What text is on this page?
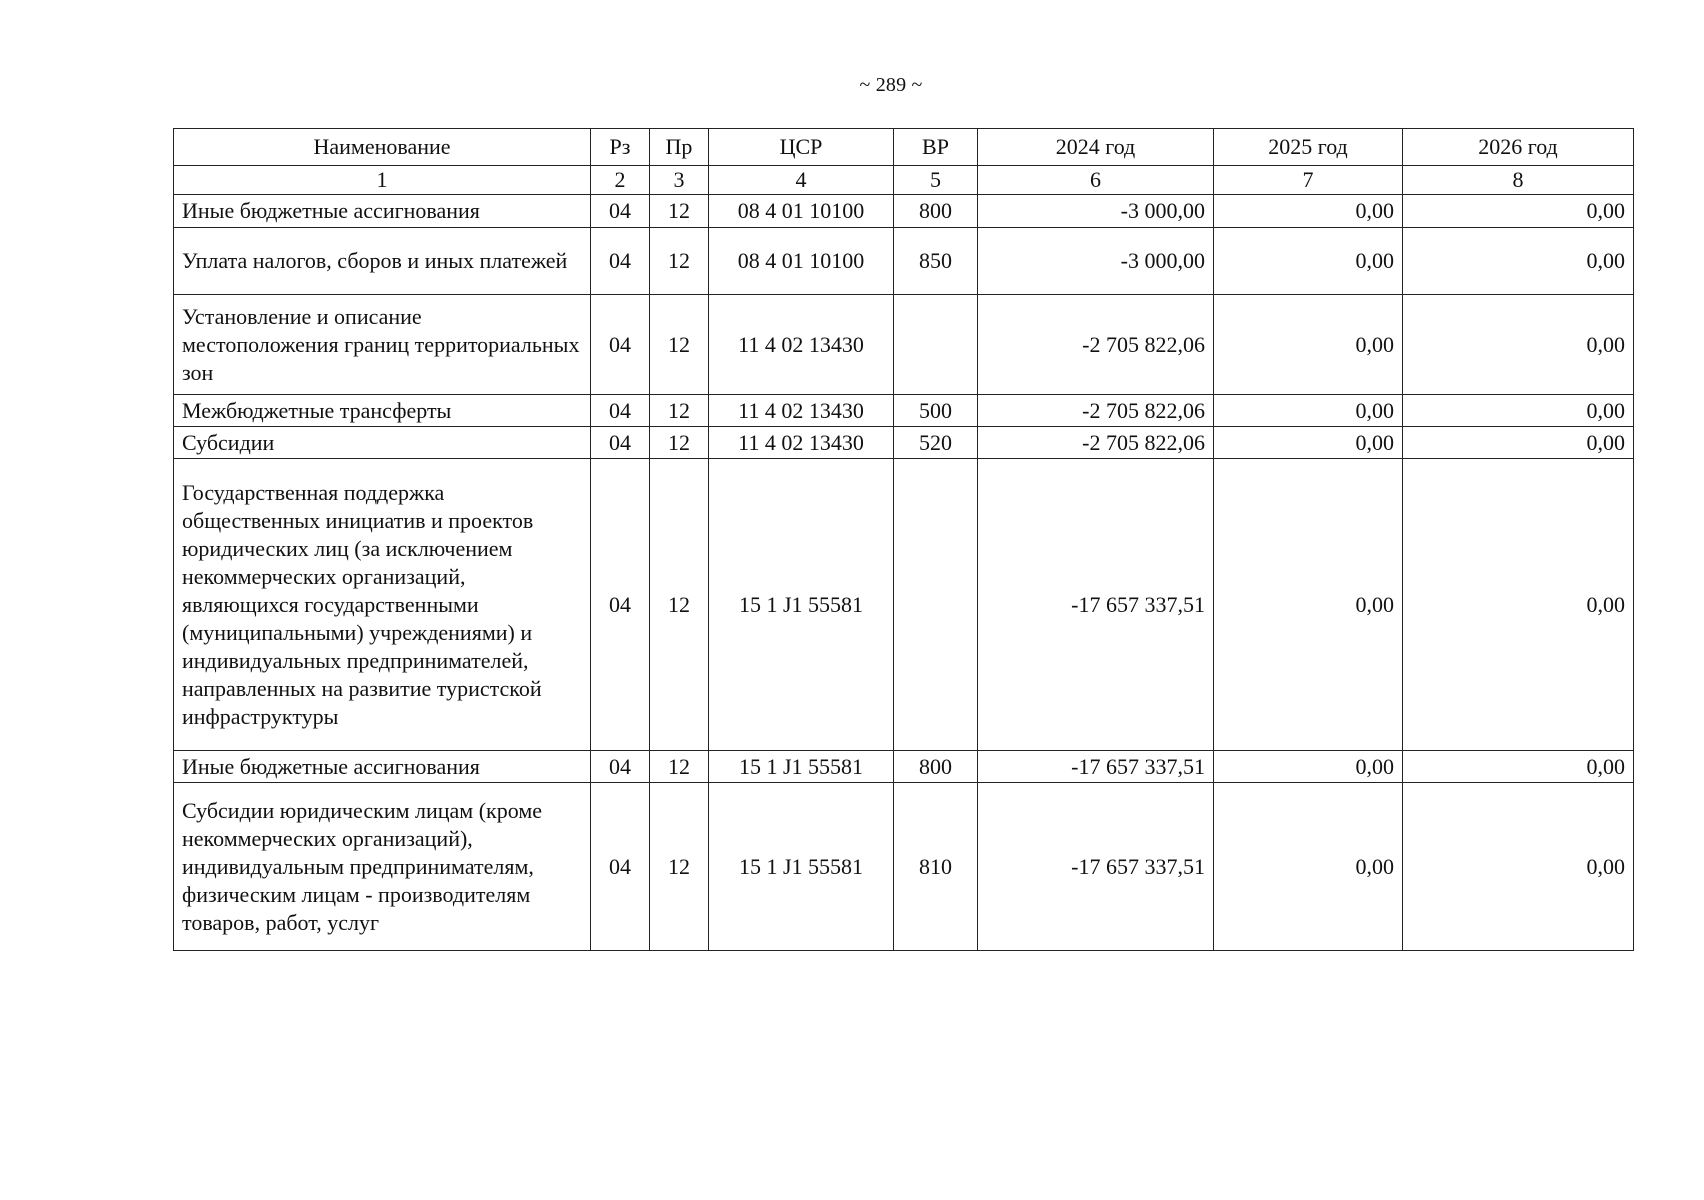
~ 289 ~
Наименование	Рз	Пр	ЦСР	ВР	2024 год	2025 год	2026 год
1	2	3	4	5	6	7	8
Иные бюджетные ассигнования	04	12	08 4 01 10100	800	-3 000,00	0,00	0,00
Уплата налогов, сборов и иных платежей	04	12	08 4 01 10100	850	-3 000,00	0,00	0,00
Установление и описание местоположения границ территориальных зон	04	12	11 4 02 13430		-2 705 822,06	0,00	0,00
Межбюджетные трансферты	04	12	11 4 02 13430	500	-2 705 822,06	0,00	0,00
Субсидии	04	12	11 4 02 13430	520	-2 705 822,06	0,00	0,00
Государственная поддержка общественных инициатив и проектов юридических лиц (за исключением некоммерческих организаций, являющихся государственными (муниципальными) учреждениями) и индивидуальных предпринимателей, направленных на развитие туристской инфраструктуры	04	12	15 1 J1 55581		-17 657 337,51	0,00	0,00
Иные бюджетные ассигнования	04	12	15 1 J1 55581	800	-17 657 337,51	0,00	0,00
Субсидии юридическим лицам (кроме некоммерческих организаций), индивидуальным предпринимателям, физическим лицам - производителям товаров, работ, услуг	04	12	15 1 J1 55581	810	-17 657 337,51	0,00	0,00
